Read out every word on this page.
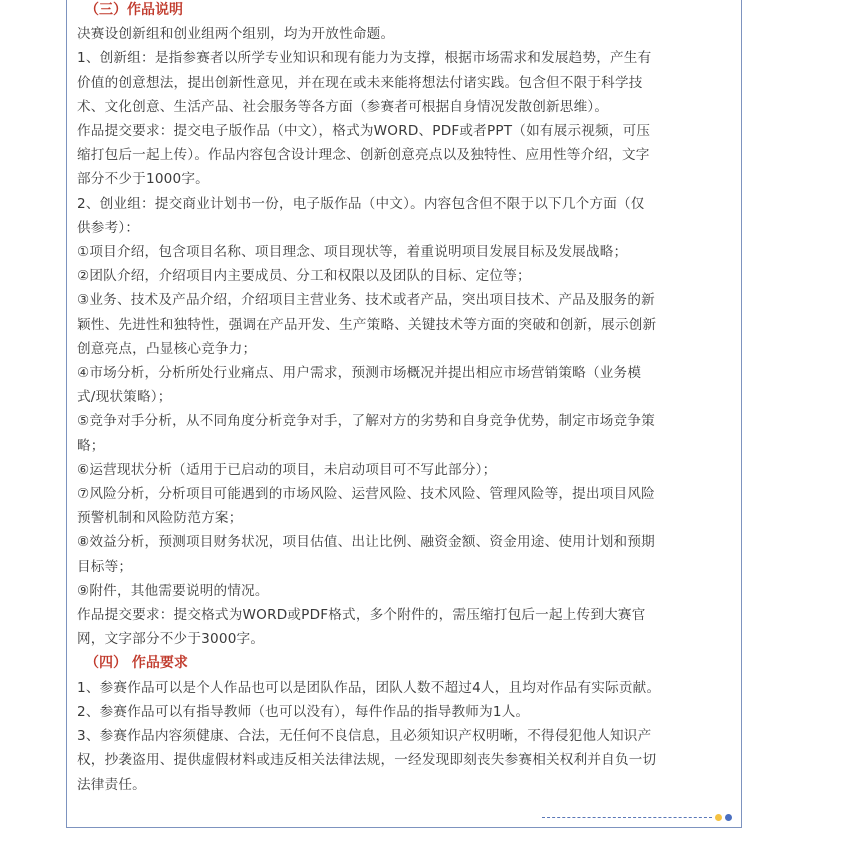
（三）作品说明
决赛设创新组和创业组两个组别，均为开放性命题。
1、创新组：是指参赛者以所学专业知识和现有能力为支撑，根据市场需求和发展趋势，产生有
价值的创意想法，提出创新性意见，并在现在或未来能将想法付诸实践。包含但不限于科学技
术、文化创意、生活产品、社会服务等各方面（参赛者可根据自身情况发散创新思维）。
作品提交要求：提交电子版作品（中文），格式为WORD、PDF或者PPT（如有展示视频，可压
缩打包后一起上传）。作品内容包含设计理念、创新创意亮点以及独特性、应用性等介绍，文字
部分不少于1000字。
2、创业组：提交商业计划书一份，电子版作品（中文）。内容包含但不限于以下几个方面（仅
供参考）：
①项目介绍，包含项目名称、项目理念、项目现状等，着重说明项目发展目标及发展战略；
②团队介绍，介绍项目内主要成员、分工和权限以及团队的目标、定位等；
③业务、技术及产品介绍，介绍项目主营业务、技术或者产品，突出项目技术、产品及服务的新
颖性、先进性和独特性，强调在产品开发、生产策略、关键技术等方面的突破和创新，展示创新
创意亮点，凸显核心竞争力；
④市场分析，分析所处行业痛点、用户需求，预测市场概况并提出相应市场营销策略（业务模
式/现状策略）；
⑤竞争对手分析，从不同角度分析竞争对手，了解对方的劣势和自身竞争优势，制定市场竞争策
略；
⑥运营现状分析（适用于已启动的项目，未启动项目可不写此部分）；
⑦风险分析，分析项目可能遇到的市场风险、运营风险、技术风险、管理风险等，提出项目风险
预警机制和风险防范方案；
⑧效益分析，预测项目财务状况，项目估值、出让比例、融资金额、资金用途、使用计划和预期
目标等；
⑨附件，其他需要说明的情况。
作品提交要求：提交格式为WORD或PDF格式，多个附件的，需压缩打包后一起上传到大赛官
网，文字部分不少于3000字。
（四） 作品要求
1、参赛作品可以是个人作品也可以是团队作品，团队人数不超过4人，且均对作品有实际贡献。
2、参赛作品可以有指导教师（也可以没有），每件作品的指导教师为1人。
3、参赛作品内容须健康、合法，无任何不良信息，且必须知识产权明晰，不得侵犯他人知识产
权，抄袭盗用、提供虚假材料或违反相关法律法规，一经发现即刻丧失参赛相关权利并自负一切
法律责任。
